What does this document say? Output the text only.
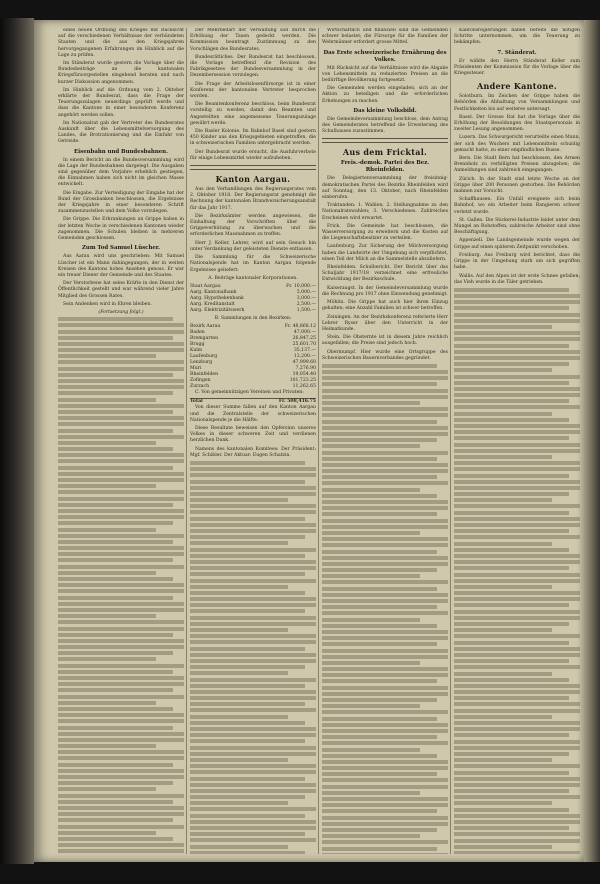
eines neuen Ordnung des Krieges mit Rücksicht auf die verschiedenen Verhältnisse der verbündeten Staaten und die aus den Kriegsjahren hervorgegangenen Erfahrungen im Hinblick auf die Lage zu prüfen.

Im Ständerat wurde gestern die Vorlage über die Bundesbeiträge an die kantonalen Kriegsfürsorgestellen eingehend beraten und nach kurzer Diskussion angenommen.

Im Hinblick auf die Ordnung vom 2. Oktober erklärte der Bundesrat, dass die Frage der Teuerungszulagen neuerdings geprüft werde und dass die Kantone in einer besonderen Konferenz angehört werden sollen.

Im Nationalrat gab der Vertreter des Bundesrates Auskunft über die Lebensmittelversorgung des Landes, die Brotrationierung und die Einfuhr von Getreide.

Eisenbahn und Bundesbahnen.

In einem Bericht an die Bundesversammlung wird die Lage der Bundesbahnen dargelegt. Die Ausgaben sind gegenüber dem Vorjahre erheblich gestiegen, die Einnahmen haben sich nicht im gleichen Masse entwickelt.

Die Eingabe. Zur Verteidigung der Eingabe hat der Bund der Grossbanken beschlossen, die Ergebnisse der Kriegsjahre in einer besonderen Schrift zusammenzustellen und dem Volke vorzulegen.

Die Grippe. Die Erkrankungen an Grippe haben in der letzten Woche in verschiedenen Kantonen wieder zugenommen. Die Schulen bleiben in mehreren Gemeinden geschlossen.

Zum Tod Samuel Lüscher.

Aus Aarau wird uns geschrieben: Mit Samuel Lüscher ist ein Mann dahingegangen, der in weiten Kreisen des Kantons hohes Ansehen genoss. Er war ein treuer Diener der Gemeinde und des Staates.

Der Verstorbene hat seine Kräfte in den Dienst der Öffentlichkeit gestellt und war während vieler Jahre Mitglied des Grossen Rates.

Sein Andenken wird in Ehren bleiben.

(Fortsetzung folgt.)

Der Mehrbedarf der Verwaltung soll durch die Erhöhung der Taxen gedeckt werden. Die Kommission beantragt Zustimmung zu den Vorschlägen des Bundesrates.

Bundesrätliches. Der Bundesrat hat beschlossen, die Vorlage betreffend die Revision des Fabrikgesetzes der Bundesversammlung in der Dezembersession vorzulegen.

Die Frage der Arbeitslosenfürsorge ist in einer Konferenz der kantonalen Vertreter besprochen worden.

Die Beamtenkonferenz beschloss, beim Bundesrat vorstellig zu werden, damit den Beamten und Angestellten eine angemessene Teuerungszulage gewährt werde.

Die Basler Kolonie. Im Bahnhof Basel sind gestern 450 Kinder aus den Kriegsgebieten eingetroffen, die in schweizerischen Familien untergebracht werden.

Der Bundesrat wurde ersucht, die Ausfuhrverbote für einige Lebensmittel wieder aufzuheben.

Kanton Aargau.

Aus den Verhandlungen des Regierungsrates vom 2. Oktober 1918. Der Regierungsrat genehmigt die Rechnung der kantonalen Brandversicherungsanstalt für das Jahr 1917.

Die Bezirksämter werden angewiesen, die Einhaltung der Vorschriften über die Grippeverhütung zu überwachen und die erforderlichen Massnahmen zu treffen.

Herr J. Keller, Lehrer, wird auf sein Gesuch hin unter Verdankung der geleisteten Dienste entlassen.

Die Sammlung für die Schweizerische Nationalspende hat im Kanton Aargau folgende Ergebnisse geliefert:

A. Beiträge kantonaler Korporationen.
Staat Aargau	Fr. 10,000.—
Aarg. Kantonalbank	5,000.—
Aarg. Hypothekenbank	3,000.—
Aarg. Kreditanstalt	2,500.—
Aarg. Elektrizitätswerk	1,500.—
B. Sammlungen in den Bezirken:
Bezirk Aarau	Fr. 48,868.12
Baden	47,000.—
Bremgarten	26,847.25
Brugg	25,601.70
Kulm	35,137.—
Laufenburg	13,200.—
Lenzburg	47,999.60
Muri	7,276.90
Rheinfelden	19,054.40
Zofingen	101,723.25
Zurzach	11,262.65

C. Von gemeinnützigen Vereinen und Privaten:

Total	Fr. 508,416.75

Von dieser Summe fallen auf den Kanton Aargau und die Zentralstelle der schweizerischen Nationalspende je die Hälfte.

Diese Resultate beweisen den Opfersinn unseres Volkes in dieser schweren Zeit und verdienen herzlichen Dank.

Namens des kantonalen Komitees: Der Präsident: Mgf. Schibler. Der Aktuar: Eugen Schatzin.

Wirtschaftlich und finanziell sind die Gemeinden schwer belastet; die Fürsorge für die Familien der Wehrmänner erfordert grosse Mittel.

Das Erste schweizerische Ernährung des Volkes.

Mit Rücksicht auf die Verhältnisse wird die Abgabe von Lebensmitteln zu reduzierten Preisen an die bedürftige Bevölkerung fortgesetzt.

Die Gemeinden werden eingeladen, sich an der Aktion zu beteiligen und die erforderlichen Erhebungen zu machen.

Das kleine Volksbild.

Die Gemeindeversammlung beschloss, dem Antrag des Gemeinderates betreffend die Erweiterung des Schulhauses zuzustimmen.

Aus dem Fricktal.
Freis.-demok. Partei des Bez. Rheinfelden.

Die Delegiertenversammlung der freisinnig-demokratischen Partei des Bezirks Rheinfelden wird auf Sonntag, den 13. Oktober, nach Rheinfelden einberufen.

Traktanden: 1. Wahlen; 2. Stellungnahme zu den Nationalratswahlen; 3. Verschiedenes. Zahlreiches Erscheinen wird erwartet.

Frick. Die Gemeinde hat beschlossen, die Wasserversorgung zu erweitern und die Kosten auf die Liegenschaftsbesitzer zu verteilen.

Laufenburg. Zur Sicherung der Milchversorgung haben die Landwirte der Umgebung sich verpflichtet, einen Teil der Milch an die Sammelstelle abzuliefern.

Rheinfelden. Schulbericht. Der Bericht über das Schuljahr 1917/18 verzeichnet eine erfreuliche Entwicklung der Bezirksschule.

Kaiseraugst. In der Gemeindeversammlung wurde die Rechnung pro 1917 ohne Einwendung genehmigt.

Möhlin. Die Grippe hat auch hier ihren Einzug gehalten; eine Anzahl Familien ist schwer betroffen.

Zeiningen. An der Bezirkskonferenz referierte Herr Lehrer Ryser über den Unterricht in der Heimatkunde.

Stein. Die Obsternte ist in diesem Jahre reichlich ausgefallen; die Preise sind jedoch hoch.

Obermumpf. Hier wurde eine Ortsgruppe des Schweizerischen Bauernverbandes gegründet.

Kantonsregierungen haben bereits die nötigen Schritte unternommen, um die Teuerung zu bekämpfen.

7. Ständerat.

Er wählte den Herrn Ständerat Keller zum Präsidenten der Kommission für die Vorlage über die Kriegssteuer.

Andere Kantone.

Solothurn. Im Zeichen der Grippe haben die Behörden die Abhaltung von Versammlungen und Festlichkeiten bis auf weiteres untersagt.

Basel. Der Grosse Rat hat die Vorlage über die Erhöhung der Besoldungen des Staatspersonals in zweiter Lesung angenommen.

Luzern. Das Schwurgericht verurteilte einen Mann, der sich des Wuchers mit Lebensmitteln schuldig gemacht hatte, zu einer empfindlichen Busse.

Bern. Die Stadt Bern hat beschlossen, den Armen Brennholz zu verbilligten Preisen abzugeben; die Anmeldungen sind zahlreich eingegangen.

Zürich. In der Stadt sind letzte Woche an der Grippe über 200 Personen gestorben. Die Behörden mahnen zur Vorsicht.

Schaffhausen. Ein Unfall ereignete sich beim Bahnhof, wo ein Arbeiter beim Rangieren schwer verletzt wurde.

St. Gallen. Die Stickerei-Industrie leidet unter dem Mangel an Rohstoffen; zahlreiche Arbeiter sind ohne Beschäftigung.

Appenzell. Die Landsgemeinde wurde wegen der Grippe auf einen späteren Zeitpunkt verschoben.

Freiburg. Aus Freiburg wird berichtet, dass die Grippe in der Umgebung stark um sich gegriffen habe.

Wallis. Auf den Alpen ist der erste Schnee gefallen; das Vieh wurde in die Täler getrieben.
